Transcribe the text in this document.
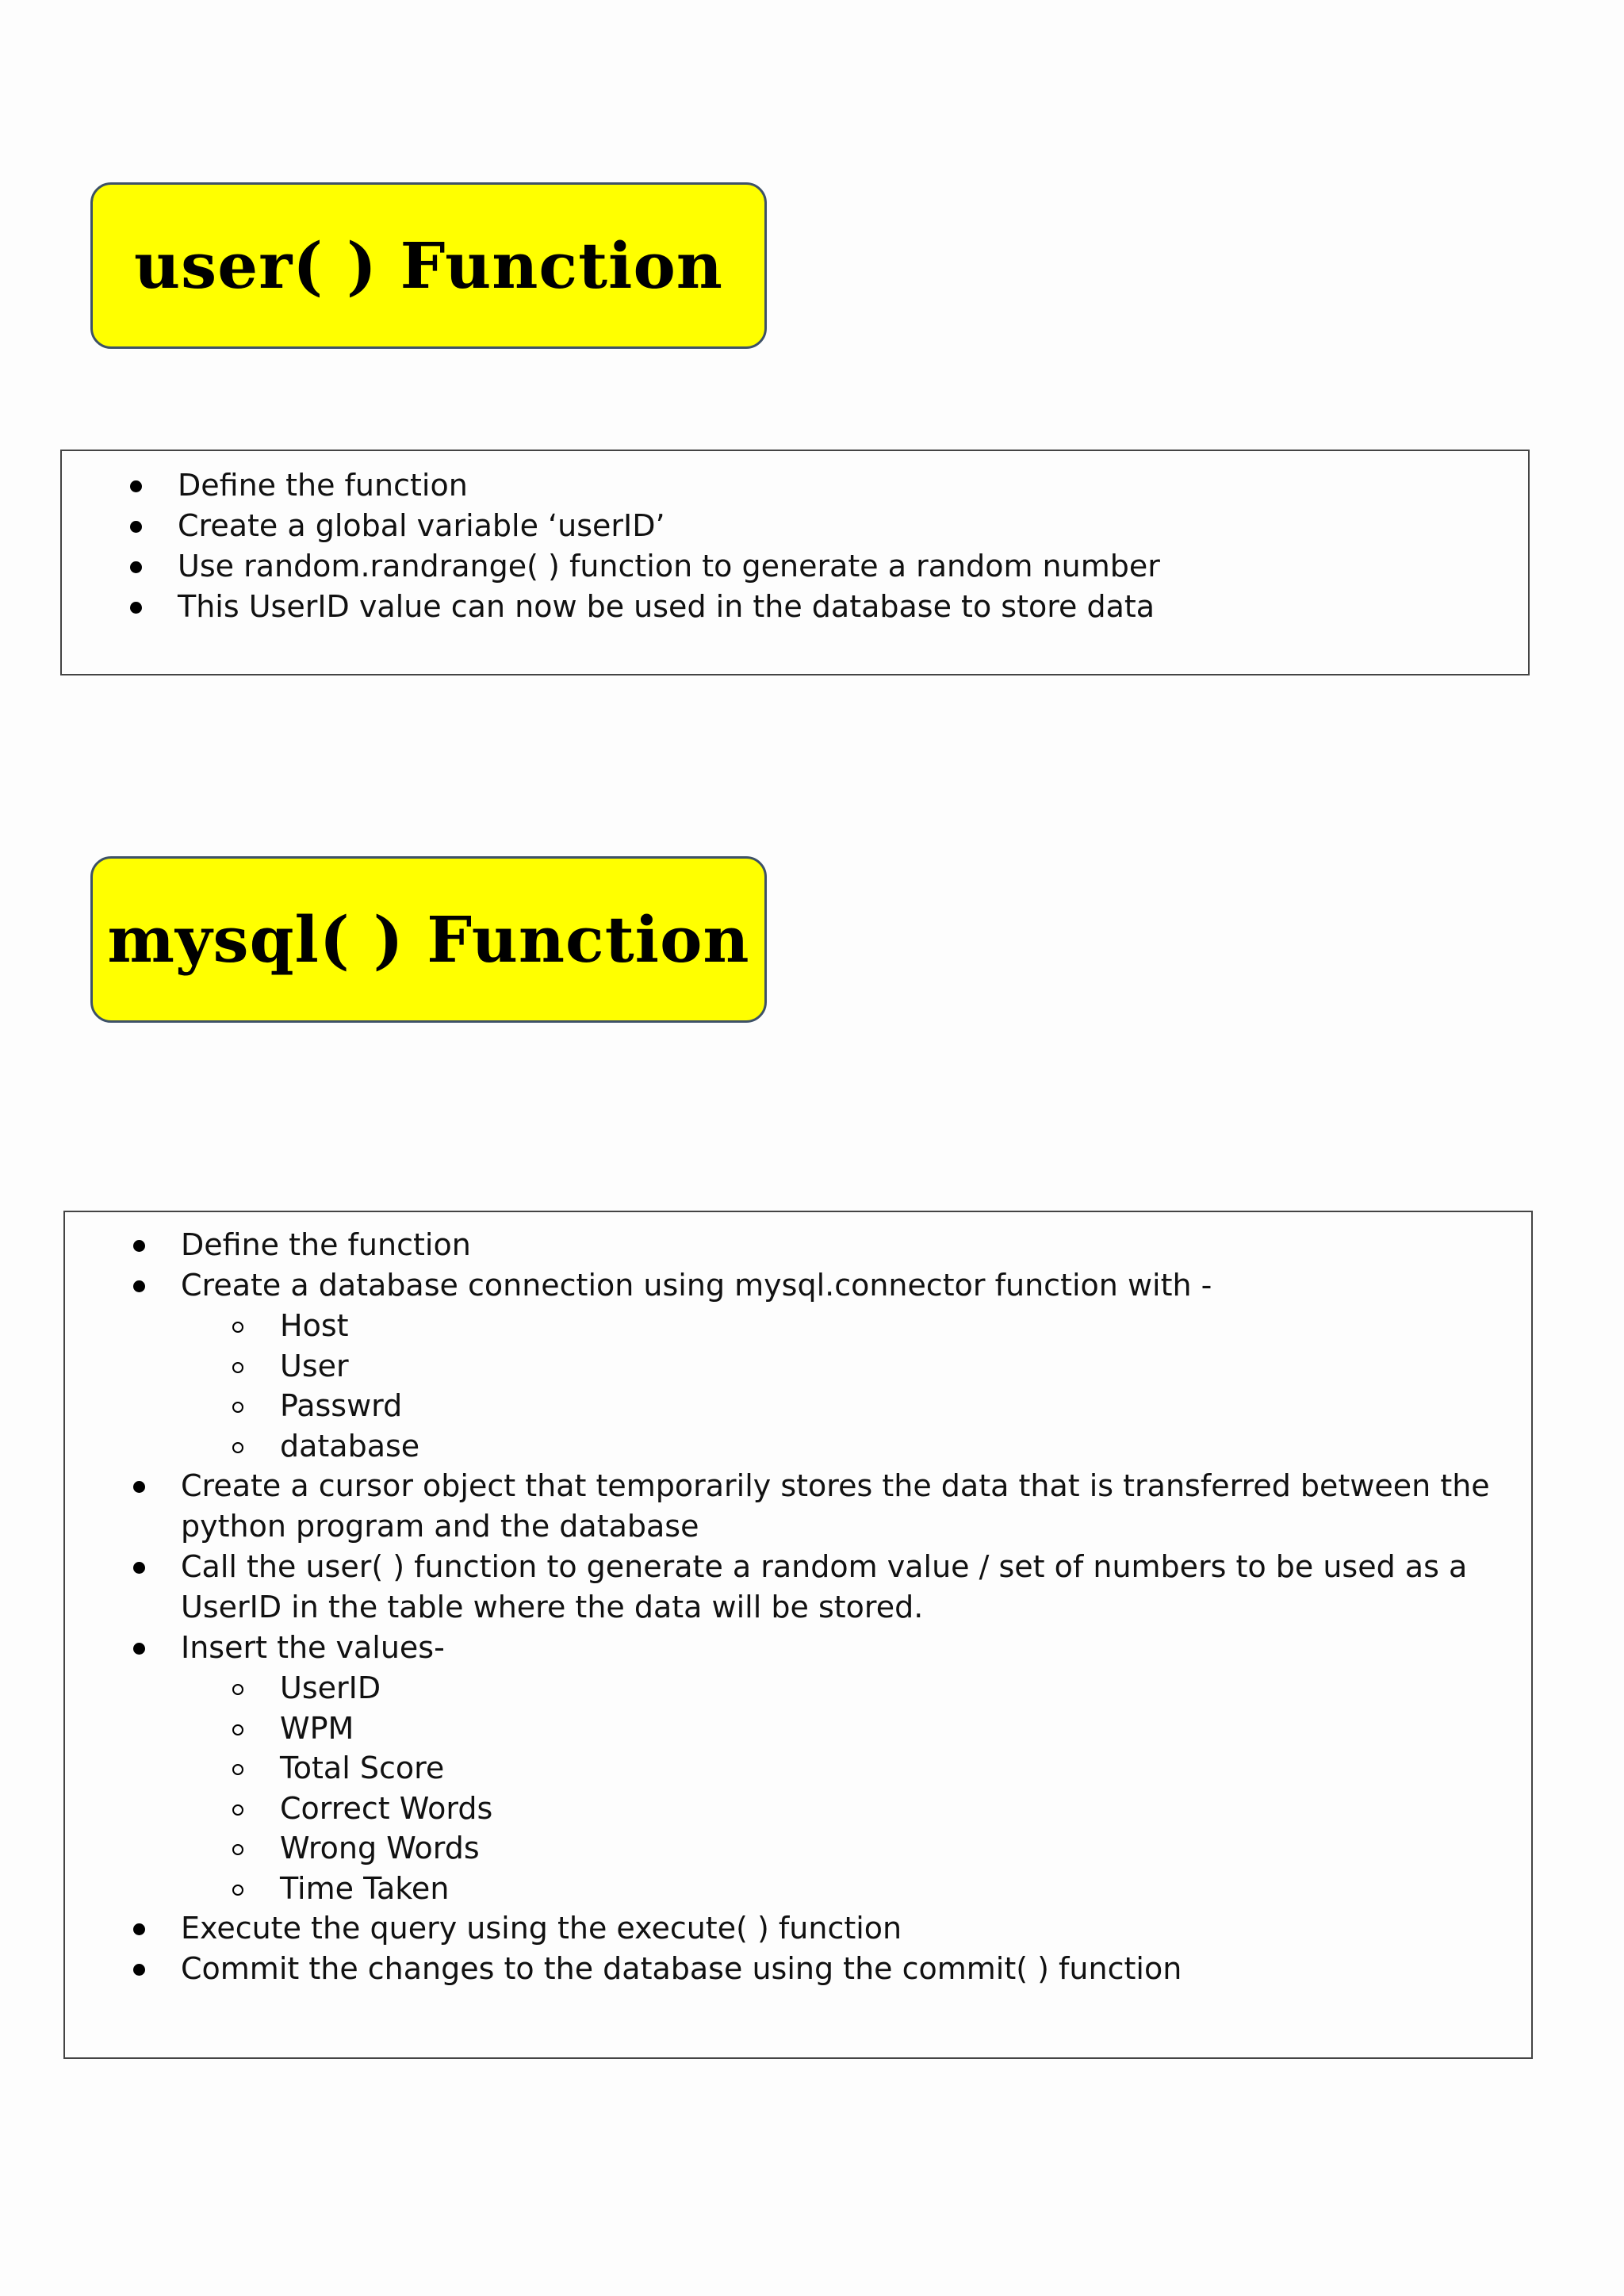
user( ) Function
Define the function
Create a global variable ‘userID’
Use random.randrange( ) function to generate a random number
This UserID value can now be used in the database to store data
mysql( ) Function
Define the function
Create a database connection using mysql.connector function with -
Host
User
Passwrd
database
Create a cursor object that temporarily stores the data that is transferred between the python program and the database
Call the user( ) function to generate a random value / set of numbers to be used as a UserID in the table where the data will be stored.
Insert the values-
UserID
WPM
Total Score
Correct Words
Wrong Words
Time Taken
Execute the query using the execute( ) function
Commit the changes to the database using the commit( ) function
